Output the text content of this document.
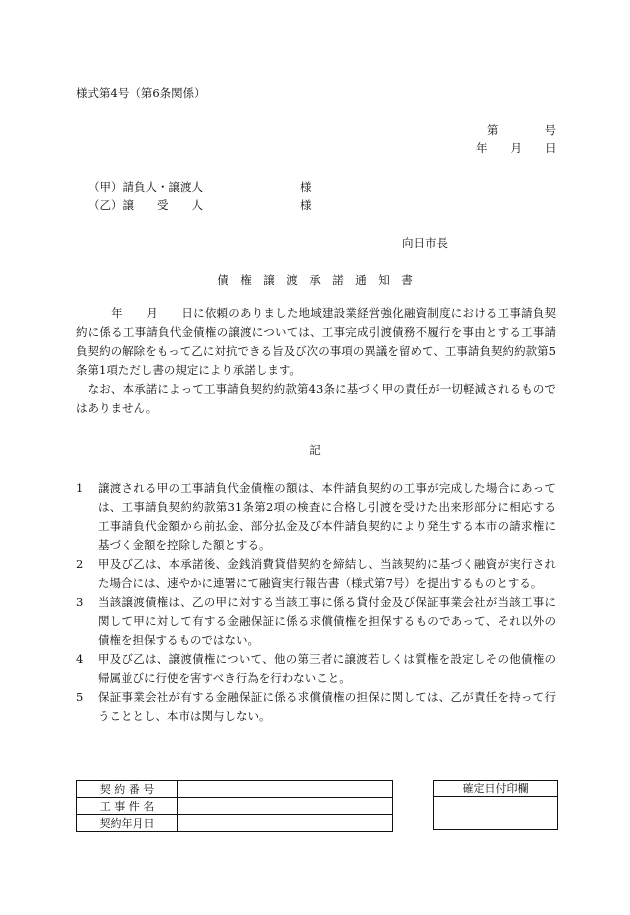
様式第4号（第6条関係）
第　　　　号
年　　月　　日
（甲）請負人・譲渡人	様
（乙）譲　　受　　人	様
向日市長
債　権　譲　渡　承　諾　通　知　書
　　　年　　月　　日に依頼のありました地域建設業経営強化融資制度における工事請負契約に係る工事請負代金債権の譲渡については、工事完成引渡債務不履行を事由とする工事請負契約の解除をもって乙に対抗できる旨及び次の事項の異議を留めて、工事請負契約約款第5条第1項ただし書の規定により承諾します。
　なお、本承諾によって工事請負契約約款第43条に基づく甲の責任が一切軽減されるものではありません。
記
1 譲渡される甲の工事請負代金債権の額は、本件請負契約の工事が完成した場合にあっては、工事請負契約約款第31条第2項の検査に合格し引渡を受けた出来形部分に相応する工事請負代金額から前払金、部分払金及び本件請負契約により発生する本市の請求権に基づく金額を控除した額とする。
2 甲及び乙は、本承諾後、金銭消費貸借契約を締結し、当該契約に基づく融資が実行された場合には、速やかに連署にて融資実行報告書（様式第7号）を提出するものとする。
3 当該譲渡債権は、乙の甲に対する当該工事に係る貸付金及び保証事業会社が当該工事に関して甲に対して有する金融保証に係る求償債権を担保するものであって、それ以外の債権を担保するものではない。
4 甲及び乙は、譲渡債権について、他の第三者に譲渡若しくは質権を設定しその他債権の帰属並びに行使を害すべき行為を行わないこと。
5 保証事業会社が有する金融保証に係る求償債権の担保に関しては、乙が責任を持って行うこととし、本市は関与しない。
契 約 番 号	
工 事 件 名	
契約年月日	
確定日付印欄
